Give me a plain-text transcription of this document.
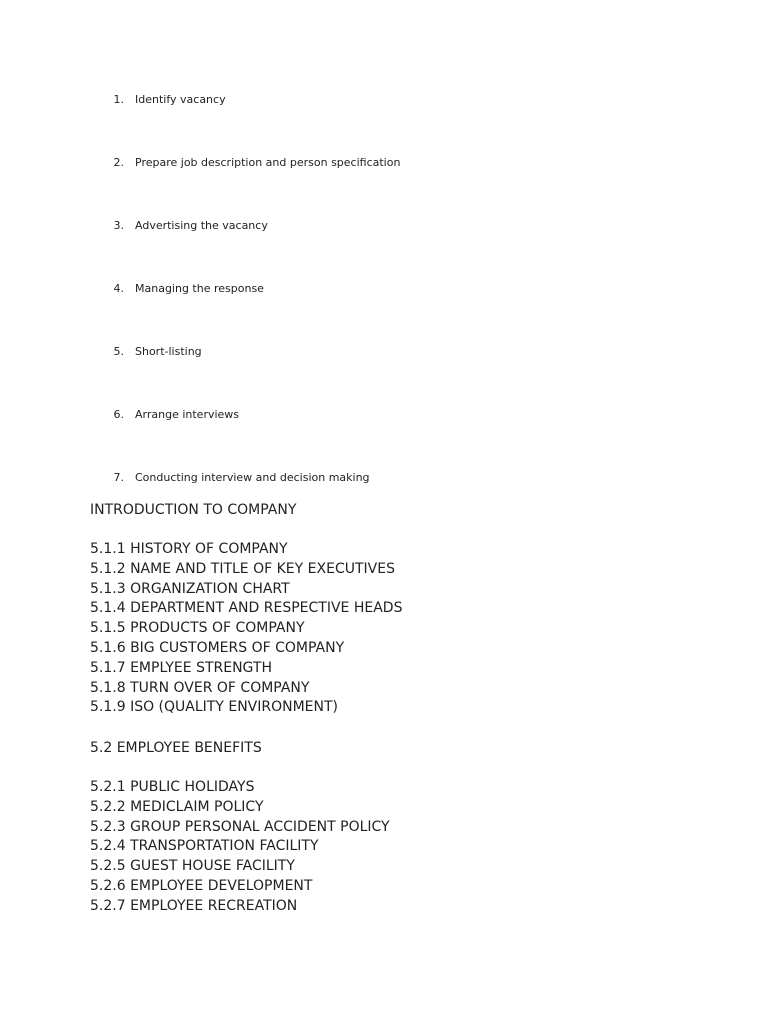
1. Identify vacancy
2. Prepare job description and person specification
3. Advertising the vacancy
4. Managing the response
5. Short-listing
6. Arrange interviews
7. Conducting interview and decision making
INTRODUCTION TO COMPANY
5.1.1 HISTORY OF COMPANY
5.1.2 NAME AND TITLE OF KEY EXECUTIVES
5.1.3 ORGANIZATION CHART
5.1.4 DEPARTMENT AND RESPECTIVE HEADS
5.1.5 PRODUCTS OF COMPANY
5.1.6 BIG CUSTOMERS OF COMPANY
5.1.7 EMPLYEE STRENGTH
5.1.8 TURN OVER OF COMPANY
5.1.9 ISO (QUALITY ENVIRONMENT)
5.2 EMPLOYEE BENEFITS
5.2.1 PUBLIC HOLIDAYS
5.2.2 MEDICLAIM POLICY
5.2.3 GROUP PERSONAL ACCIDENT POLICY
5.2.4 TRANSPORTATION FACILITY
5.2.5 GUEST HOUSE FACILITY
5.2.6 EMPLOYEE DEVELOPMENT
5.2.7 EMPLOYEE RECREATION
